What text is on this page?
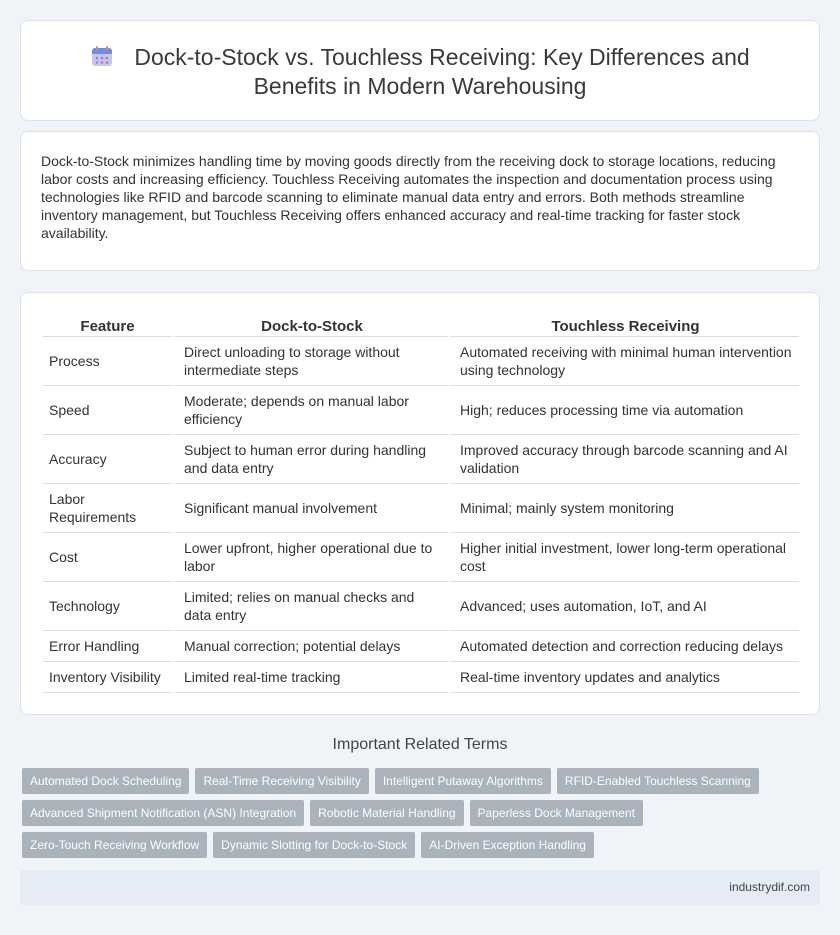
Dock-to-Stock vs. Touchless Receiving: Key Differences and Benefits in Modern Warehousing

Dock-to-Stock minimizes handling time by moving goods directly from the receiving dock to storage locations, reducing labor costs and increasing efficiency. Touchless Receiving automates the inspection and documentation process using technologies like RFID and barcode scanning to eliminate manual data entry and errors. Both methods streamline inventory management, but Touchless Receiving offers enhanced accuracy and real-time tracking for faster stock availability.

Feature	Dock-to-Stock	Touchless Receiving
Process	Direct unloading to storage without intermediate steps	Automated receiving with minimal human intervention using technology
Speed	Moderate; depends on manual labor efficiency	High; reduces processing time via automation
Accuracy	Subject to human error during handling and data entry	Improved accuracy through barcode scanning and AI validation
Labor Requirements	Significant manual involvement	Minimal; mainly system monitoring
Cost	Lower upfront, higher operational due to labor	Higher initial investment, lower long-term operational cost
Technology	Limited; relies on manual checks and data entry	Advanced; uses automation, IoT, and AI
Error Handling	Manual correction; potential delays	Automated detection and correction reducing delays
Inventory Visibility	Limited real-time tracking	Real-time inventory updates and analytics
Important Related Terms
Automated Dock Scheduling	Real-Time Receiving Visibility	Intelligent Putaway Algorithms	RFID-Enabled Touchless Scanning
Advanced Shipment Notification (ASN) Integration	Robotic Material Handling	Paperless Dock Management
Zero-Touch Receiving Workflow	Dynamic Slotting for Dock-to-Stock	AI-Driven Exception Handling
industrydif.com
